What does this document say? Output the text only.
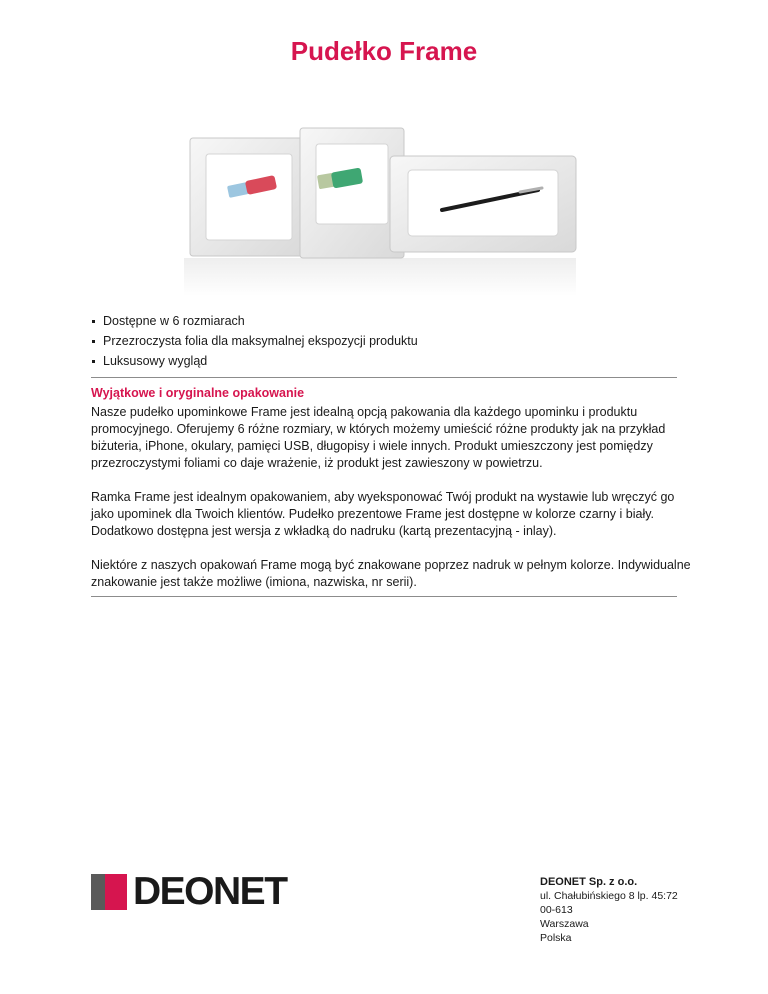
Pudełko Frame
Dostępne w 6 rozmiarach
Przezroczysta folia dla maksymalnej ekspozycji produktu
Luksusowy wygląd
Wyjątkowe i oryginalne opakowanie

Nasze pudełko upominkowe Frame jest idealną opcją pakowania dla każdego upominku i produktu promocyjnego. Oferujemy 6 różne rozmiary, w których możemy umieścić różne produkty jak na przykład biżuteria, iPhone, okulary, pamięci USB, długopisy i wiele innych. Produkt umieszczony jest pomiędzy przezroczystymi foliami co daje wrażenie, iż produkt jest zawieszony w powietrzu.

Ramka Frame jest idealnym opakowaniem, aby wyeksponować Twój produkt na wystawie lub wręczyć go jako upominek dla Twoich klientów. Pudełko prezentowe Frame jest dostępne w kolorze czarny i biały. Dodatkowo dostępna jest wersja z wkładką do nadruku (kartą prezentacyjną - inlay).

Niektóre z naszych opakowań Frame mogą być znakowane poprzez nadruk w pełnym kolorze. Indywidualne znakowanie jest także możliwe (imiona, nazwiska, nr serii).

DEONET	DEONET Sp. z o.o.
ul. Chałubińskiego 8 lp. 45:72
00-613
Warszawa
Polska
